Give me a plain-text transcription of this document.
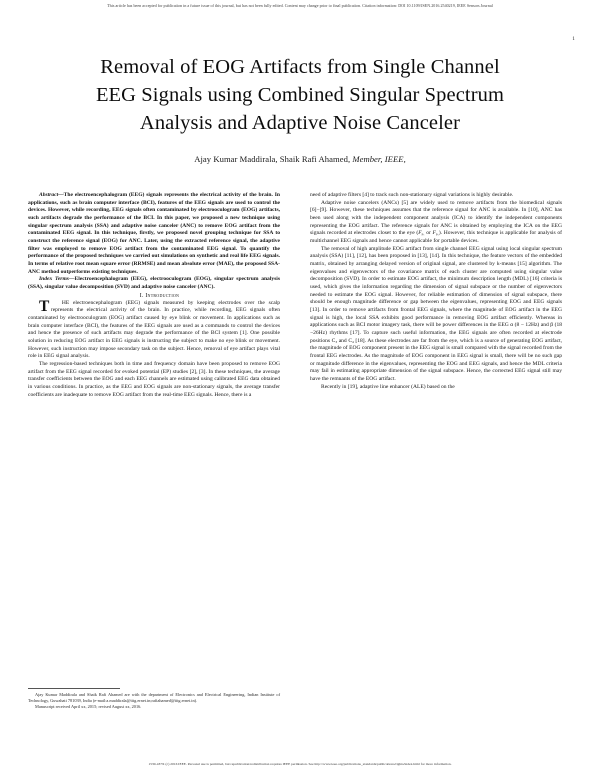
This article has been accepted for publication in a future issue of this journal, but has not been fully edited. Content may change prior to final publication. Citation information: DOI 10.1109/JSEN.2016.2540219, IEEE Sensors Journal
1
Removal of EOG Artifacts from Single Channel
EEG Signals using Combined Singular Spectrum
Analysis and Adaptive Noise Canceler
Ajay Kumar Maddirala, Shaik Rafi Ahamed, Member, IEEE,

Abstract—The electroencephalogram (EEG) signals represents the electrical activity of the brain. In applications, such as brain computer interface (BCI), features of the EEG signals are used to control the devices. However, while recording, EEG signals often contaminated by electrooculogram (EOG) artifacts, such artifacts degrade the performance of the BCI. In this paper, we proposed a new technique using singular spectrum analysis (SSA) and adaptive noise canceler (ANC) to remove EOG artifact from the contaminated EEG signal. In this technique, firstly, we proposed novel grouping technique for SSA to construct the reference signal (EOG) for ANC. Later, using the extracted reference signal, the adaptive filter was employed to remove EOG artifact from the contaminated EEG signal. To quantify the performance of the proposed techniques we carried out simulations on synthetic and real life EEG signals. In terms of relative root mean square error (RRMSE) and mean absolute error (MAE), the proposed SSA-ANC method outperforms existing techniques.

Index Terms—Electroencephalogram (EEG), electrooculogram (EOG), singular spectrum analysis (SSA), singular value decomposition (SVD) and adaptive noise canceler (ANC).

I. Introduction

T HE electroencephalogram (EEG) signals measured by keeping electrodes over the scalp represents the electrical activity of the brain. In practice, while recording, EEG signals often contaminated by electrooculogram (EOG) artifact caused by eye blink or movement. In applications such as brain computer interface (BCI), the features of the EEG signals are used as a commands to control the devices and hence the presence of such artifacts may degrade the performance of the BCI system [1]. One possible solution in reducing EOG artifact in EEG signals is instructing the subject to make no eye blink or movement. However, such instruction may impose secondary task on the subject. Hence, removal of eye artifact plays vital role in EEG signal analysis.

The regression-based techniques both in time and frequency domain have been proposed to remove EOG artifact from the EEG signal recorded for evoked potential (EP) studies [2], [3]. In these techniques, the average transfer coefficients between the EOG and each EEG channels are estimated using calibrated EEG data obtained in various conditions. In practice, as the EEG and EOG signals are non-stationary signals, the average transfer coefficients are inadequate to remove EOG artifact from the real-time EEG signals. Hence, there is a

Ajay Kumar Maddirala and Shaik Rafi Ahamed are with the department of Electronics and Electrical Engineering, Indian Institute of Technology, Guwahati 781039, India (e-mail:a.maddirala@iitg.ernet.in;rafiahamed@iitg.ernet.in).

Manuscript received April xx, 2015; revised August xx, 2016.

need of adaptive filters [4] to track such non-stationary signal variations is highly desirable.

Adaptive noise cancelers (ANCs) [5] are widely used to remove artifacts from the biomedical signals [6]−[9]. However, these techniques assumes that the reference signal for ANC is available. In [10], ANC has been used along with the independent component analysis (ICA) to identify the independent components representing the EOG artifact. The reference signals for ANC is obtained by employing the ICA on the EEG signals recorded at electrodes closet to the eye ($F_{p_1}$ or $F_{p_2}$). However, this technique is applicable for analysis of multichannel EEG signals and hence cannot applicable for portable devices.

The removal of high amplitude EOG artifact from single channel EEG signal using local singular spectrum analysis (SSA) [11], [12], has been proposed in [13], [14]. In this technique, the feature vectors of the embedded matrix, obtained by arranging delayed version of original signal, are clustered by k-means [15] algorithm. The eigenvalues and eigenvectors of the covariance matrix of each cluster are computed using singular value decomposition (SVD). In order to estimate EOG artifact, the minimum description length (MDL) [16] criteria is used, which gives the information regarding the dimension of signal subspace or the number of eigenvectors needed to estimate the EOG signal. However, for reliable estimation of dimension of signal subspace, there should be enough magnitude difference or gap between the eigenvalues, representing EOG and EEG signals [13]. In order to remove artifacts from frontal EEG signals, where the magnitude of EOG artifact in the EEG signal is high, the local SSA exhibits good performance in removing EOG artifact efficiently. Whereas in applications such as BCI motor imagery task, there will be power differences in the EEG α (8 − 12Hz) and β (18 −26Hz) rhythms [17]. To capture such useful information, the EEG signals are often recorded at electrode positions $C_3$ and $C_4$ [18]. As these electrodes are far from the eye, which is a source of generating EOG artifact, the magnitude of EOG component present in the EEG signal is small compared with the signal recorded from the frontal EEG electrodes. As the magnitude of EOG component in EEG signal is small, there will be no such gap or magnitude difference in the eigenvalues, representing the EOG and EEG signals, and hence the MDL criteria may fail in estimating appropriate dimension of the signal subspace. Hence, the corrected EEG signal still may have the remnants of the EOG artifact.

Recently in [19], adaptive line enhancer (ALE) based on the

1530-437X (c) 2016 IEEE. Personal use is permitted, but republication/redistribution requires IEEE permission. See http://www.ieee.org/publications_standards/publications/rights/index.html for more information.
